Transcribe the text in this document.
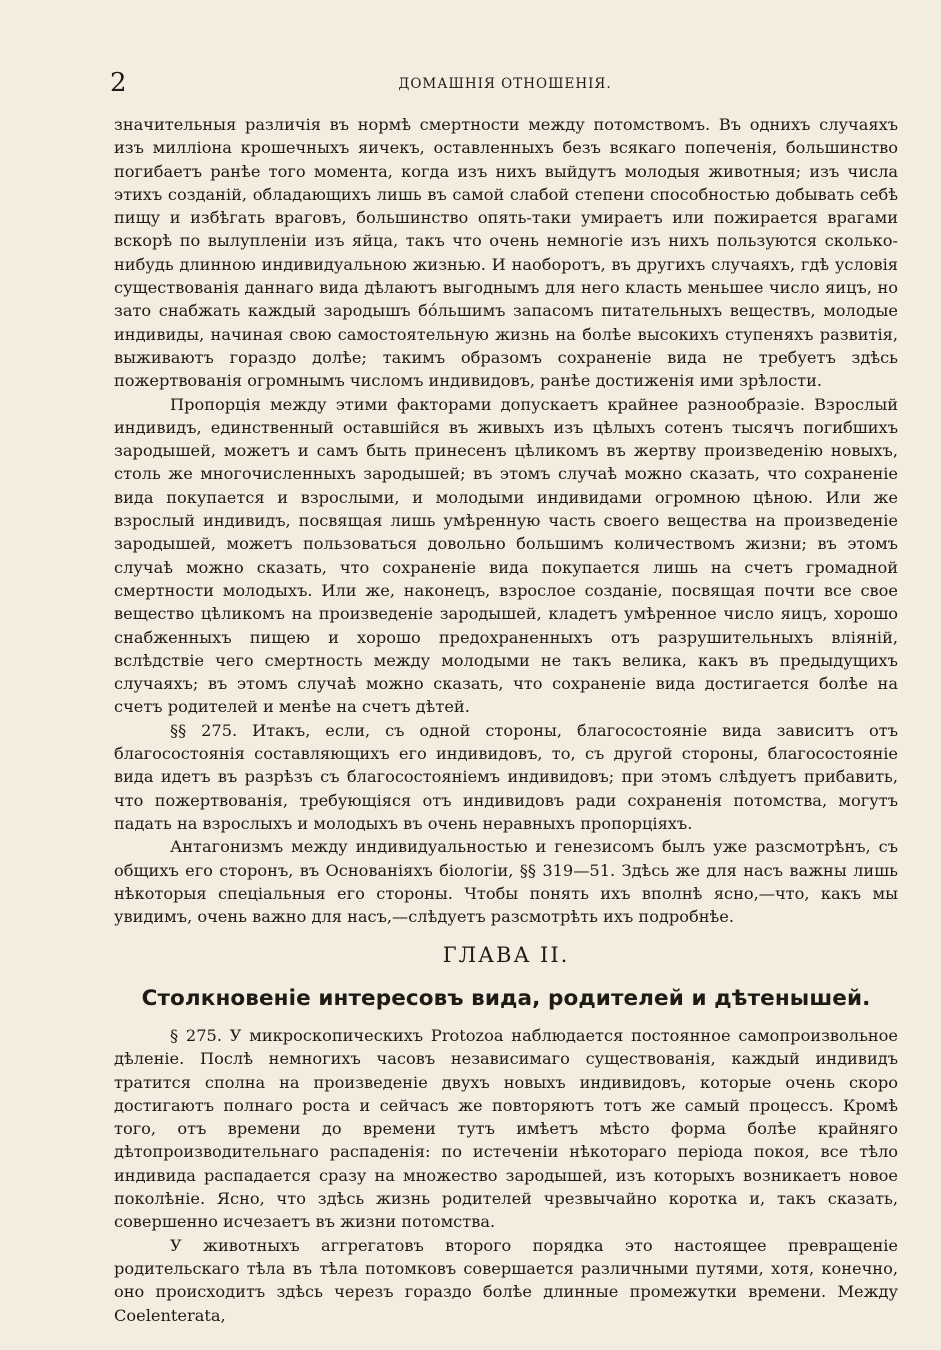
2	ДОМАШНІЯ ОТНОШЕНІЯ.

значительныя различія въ нормѣ смертности между потомствомъ. Въ однихъ случаяхъ изъ милліона крошечныхъ яичекъ, оставленныхъ безъ всякаго попеченія, большинство погибаетъ ранѣе того момента, когда изъ нихъ выйдутъ молодыя животныя; изъ числа этихъ созданій, обладающихъ лишь въ самой слабой степени способностью добывать себѣ пищу и избѣгать враговъ, большинство опять-таки умираетъ или пожирается врагами вскорѣ по вылупленіи изъ яйца, такъ что очень немногіе изъ нихъ пользуются сколько-нибудь длинною индивидуальною жизнью. И наоборотъ, въ другихъ случаяхъ, гдѣ условія существованія даннаго вида дѣлаютъ выгоднымъ для него класть меньшее число яицъ, но зато снабжать каждый зародышъ бóльшимъ запасомъ питательныхъ веществъ, молодые индивиды, начиная свою самостоятельную жизнь на болѣе высокихъ ступеняхъ развитія, выживаютъ гораздо долѣе; такимъ образомъ сохраненіе вида не требуетъ здѣсь пожертвованія огромнымъ числомъ индивидовъ, ранѣе достиженія ими зрѣлости.

Пропорція между этими факторами допускаетъ крайнее разнообразіе. Взрослый индивидъ, единственный оставшійся въ живыхъ изъ цѣлыхъ сотенъ тысячъ погибшихъ зародышей, можетъ и самъ быть принесенъ цѣликомъ въ жертву произведенію новыхъ, столь же многочисленныхъ зародышей; въ этомъ случаѣ можно сказать, что сохраненіе вида покупается и взрослыми, и молодыми индивидами огромною цѣною. Или же взрослый индивидъ, посвящая лишь умѣренную часть своего вещества на произведеніе зародышей, можетъ пользоваться довольно большимъ количествомъ жизни; въ этомъ случаѣ можно сказать, что сохраненіе вида покупается лишь на счетъ громадной смертности молодыхъ. Или же, наконецъ, взрослое созданіе, посвящая почти все свое вещество цѣликомъ на произведеніе зародышей, кладетъ умѣренное число яицъ, хорошо снабженныхъ пищею и хорошо предохраненныхъ отъ разрушительныхъ вліяній, вслѣдствіе чего смертность между молодыми не такъ велика, какъ въ предыдущихъ случаяхъ; въ этомъ случаѣ можно сказать, что сохраненіе вида достигается болѣе на счетъ родителей и менѣе на счетъ дѣтей.

§§ 275. Итакъ, если, съ одной стороны, благосостояніе вида зависитъ отъ благосостоянія составляющихъ его индивидовъ, то, съ другой стороны, благосостояніе вида идетъ въ разрѣзъ съ благосостояніемъ индивидовъ; при этомъ слѣдуетъ прибавить, что пожертвованія, требующіяся отъ индивидовъ ради сохраненія потомства, могутъ падать на взрослыхъ и молодыхъ въ очень неравныхъ пропорціяхъ.

Антагонизмъ между индивидуальностью и генезисомъ былъ уже разсмотрѣнъ, съ общихъ его сторонъ, въ Основаніяхъ біологіи, §§ 319—51. Здѣсь же для насъ важны лишь нѣкоторыя спеціальныя его стороны. Чтобы понять ихъ вполнѣ ясно,—что, какъ мы увидимъ, очень важно для насъ,—слѣдуетъ разсмотрѣть ихъ подробнѣе.

ГЛАВА II.
Столкновеніе интересовъ вида, родителей и дѣтенышей.

§ 275. У микроскопическихъ Protozoa наблюдается постоянное самопроизвольное дѣленіе. Послѣ немногихъ часовъ независимаго существованія, каждый индивидъ тратится сполна на произведеніе двухъ новыхъ индивидовъ, которые очень скоро достигаютъ полнаго роста и сейчасъ же повторяютъ тотъ же самый процессъ. Кромѣ того, отъ времени до времени тутъ имѣетъ мѣсто форма болѣе крайняго дѣтопроизводительнаго распаденія: по истеченіи нѣкотораго періода покоя, все тѣло индивида распадается сразу на множество зародышей, изъ которыхъ возникаетъ новое поколѣніе. Ясно, что здѣсь жизнь родителей чрезвычайно коротка и, такъ сказать, совершенно исчезаетъ въ жизни потомства.

У животныхъ аггрегатовъ второго порядка это настоящее превращеніе родительскаго тѣла въ тѣла потомковъ совершается различными путями, хотя, конечно, оно происходитъ здѣсь черезъ гораздо болѣе длинные промежутки времени. Между Coelenterata,
